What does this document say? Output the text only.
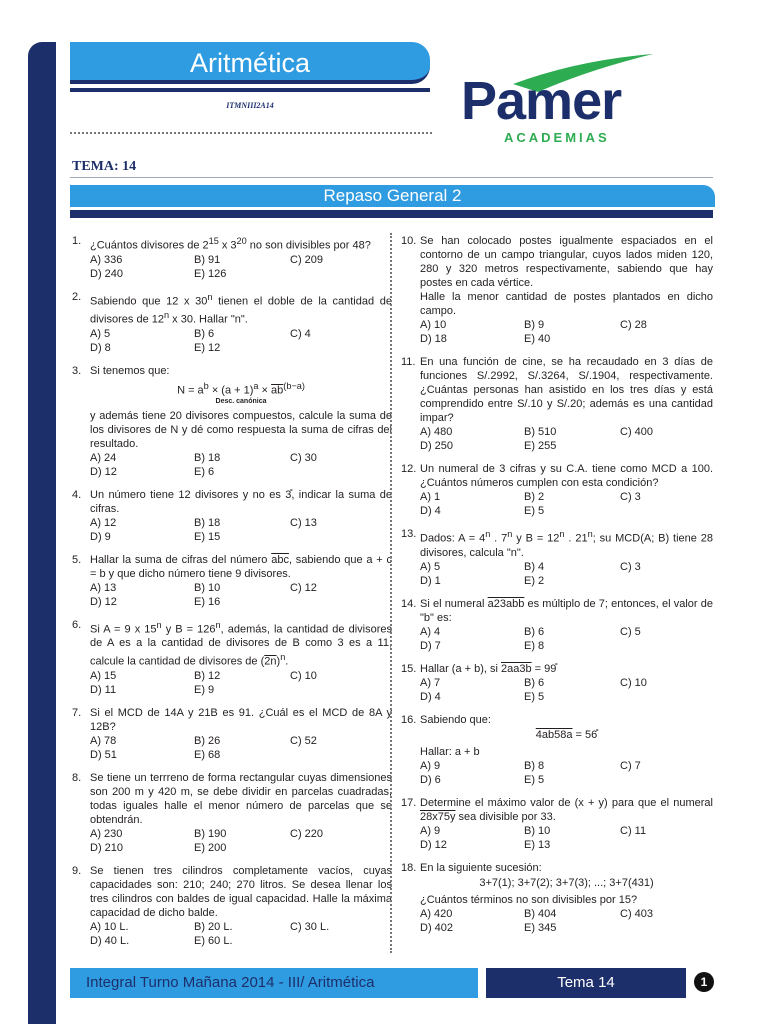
Aritmética
ITMNIII2A14	Pamer
ACADEMIAS
TEMA: 14
Repaso General 2
1. ¿Cuántos divisores de $2^{15}$ x $3^{20}$ no son divisibles por 48?
A) 336	B) 91	C) 209
D) 240	E) 126
2. Sabiendo que 12 x 30$^n$ tienen el doble de la cantidad de divisores de 12$^n$ x 30. Hallar "n".
A) 5	B) 6	C) 4
D) 8	E) 12
3. Si tenemos que:
$N = a^b \times (a + 1)^a \times \overline{ab}^{(b-a)}$
Desc. canónica
y además tiene 20 divisores compuestos, calcule la suma de los divisores de N y dé como respuesta la suma de cifras del resultado.
A) 24	B) 18	C) 30
D) 12	E) 6
4. Un número tiene 12 divisores y no es 3̊, indicar la suma de cifras.
A) 12	B) 18	C) 13
D) 9	E) 15
5. Hallar la suma de cifras del número $\overline{abc}$, sabiendo que a + c = b y que dicho número tiene 9 divisores.
A) 13	B) 10	C) 12
D) 12	E) 16
6. Si A = 9 x 15$^n$ y $B = 126^n$, además, la cantidad de divisores de A es a la cantidad de divisores de B como 3 es a 11, calcule la cantidad de divisores de $(2n)^n$.
A) 15	B) 12	C) 10
D) 11	E) 9
7. Si el MCD de 14A y 21B es 91. ¿Cuál es el MCD de 8A y 12B?
A) 78	B) 26	C) 52
D) 51	E) 68
8. Se tiene un terrreno de forma rectangular cuyas dimensiones son 200 m y 420 m, se debe dividir en parcelas cuadradas, todas iguales halle el menor número de parcelas que se obtendrán.
A) 230	B) 190	C) 220
D) 210	E) 200
9. Se tienen tres cilindros completamente vacíos, cuyas capacidades son: 210; 240; 270 litros. Se desea llenar los tres cilindros con baldes de igual capacidad. Halle la máxima capacidad de dicho balde.
A) 10 L.	B) 20 L.	C) 30 L.
D) 40 L.	E) 60 L.
10. Se han colocado postes igualmente espaciados en el contorno de un campo triangular, cuyos lados miden 120, 280 y 320 metros respectivamente, sabiendo que hay postes en cada vértice.
Halle la menor cantidad de postes plantados en dicho campo.
A) 10	B) 9	C) 28
D) 18	E) 40
11. En una función de cine, se ha recaudado en 3 días de funciones S/.2992, S/.3264, S/.1904, respectivamente. ¿Cuántas personas han asistido en los tres días y está comprendido entre S/.10 y S/.20; además es una cantidad impar?
A) 480	B) 510	C) 400
D) 250	E) 255
12. Un numeral de 3 cifras y su C.A. tiene como MCD a 100. ¿Cuántos números cumplen con esta condición?
A) 1	B) 2	C) 3
D) 4	E) 5
13. Dados: $A = 4^n$ . 7$^n$ y $B = 12^n$ . 21$^n$; su MCD(A; B) tiene 28 divisores, calcula "n".
A) 5	B) 4	C) 3
D) 1	E) 2
14. Si el numeral a23abb es múltiplo de 7; entonces, el valor de "b" es:
A) 4	B) 6	C) 5
D) 7	E) 8
15. Hallar (a + b), si 2aa3b = 99̊
A) 7	B) 6	C) 10
D) 4	E) 5
16. Sabiendo que:
4ab58a = 56̊
Hallar: a + b
A) 9	B) 8	C) 7
D) 6	E) 5
17. Determine el máximo valor de (x + y) para que el numeral 28x75y sea divisible por 33.
A) 9	B) 10	C) 11
D) 12	E) 13
18. En la siguiente sucesión:
3+7(1); 3+7(2); 3+7(3); ...; 3+7(431)
¿Cuántos términos no son divisibles por 15?
A) 420	B) 404	C) 403
D) 402	E) 345
Integral Turno Mañana 2014 - III/ Aritmética	Tema 14	1
